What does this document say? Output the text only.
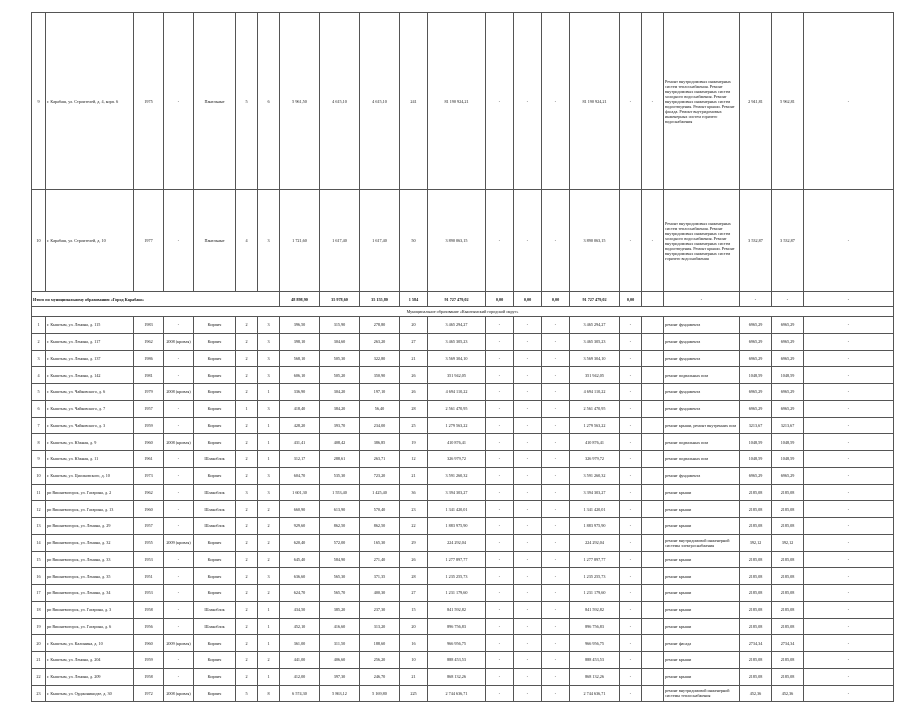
9	г. Карабаш, ул. Строителей, д. 4, корп. 6	1975	-	Панельные	5	6	5 961,50	4 615,10	4 615,10	241	81 190 924,21	-	-	-	81 190 924,21	-	-	Ремонт внутридомовых инженерных систем теплоснабжения. Ремонт внутридомовых инженерных систем холодного водоснабжения. Ремонт внутридомовых инженерных систем водоотведения. Ремонт крыши. Ремонт фасада. Ремонт внутридомовых инженерных систем горячего водоснабжения	2 941,81	5 962,81	-
10	г. Карабаш, ул. Строителей, д. 10	1977	-	Панельные	4	3	1 721,60	1 617,40	1 617,40	50	3 890 063,15	-	-	-	3 890 063,15	-	-	Ремонт внутридомовых инженерных систем теплоснабжения. Ремонт внутридомовых инженерных систем холодного водоснабжения. Ремонт внутридомовых инженерных систем водоотведения. Ремонт крыши. Ремонт внутридомовых инженерных систем горячего водоснабжения	3 532,87	3 532,87	-
Итого по муниципальному образованию «Город Карабаш»							48 898,90	35 978,60	35 155,80	1 584	91 727 479,02	0,00	0,00	0,00	91 727 479,02	0,00		-	-	-	-
Муниципальное образование «Кыштымский городской округ»																					
1	г. Кыштым, ул. Ленина, д. 115	1983	-	Кирпич	2	3	396,50	315,90	278,80	20	3 465 294,27	-	-	-	3 465 294,27	-		ремонт фундамента	6965,29	6965,29	-
2	г. Кыштым, ул. Ленина, д. 117	1962	2008 (кровля)	Кирпич	2	3	398,10	304,60	263,20	27	3 465 305,23	-	-	-	3 465 305,23	-		ремонт фундамента	6965,29	6965,29	-
3	г. Кыштым, ул. Ленина, д. 137	1986	-	Кирпич	2	3	568,10	505,30	322,80	21	3 569 304,10	-	-	-	3 569 304,10	-		ремонт фундамента	6965,29	6965,29	-
4	г. Кыштым, ул. Ленина, д. 142	1981	-	Кирпич	2	3	606,10	505,20	350,90	26	351 942,05	-	-	-	351 942,05	-		ремонт подвальных пом	1048,59	1048,59	-
5	г. Кыштым, ул. Чайковского, д. 6	1979	2008 (кровля)	Кирпич	2	1	336,90	304,20	197,10	26	4 694 110,22	-	-	-	4 694 110,22	-		ремонт фундамента	6965,29	6965,29	-
6	г. Кыштым, ул. Чайковского, д. 7	1957	-	Кирпич	1	3	418,40	384,20	56,40	28	2 561 470,95	-	-	-	2 561 470,95	-		ремонт фундамента	6965,29	6965,29	-
7	г. Кыштым, ул. Чайковского, д. 3	1959	-	Кирпич	2	1	428,20	393,70	234,00	25	1 279 563,22	-	-	-	1 279 563,22	-		ремонт крыши, ремонт внутренних пом	3213,67	3213,67	-
8	г. Кыштым, ул. Южная, д. 9	1960	2008 (кровля)	Кирпич	2	1	431,41	408,42	386,85	19	410 876,41	-	-	-	410 876,41	-		ремонт подвальных пом	1048,59	1048,59	-
9	г. Кыштым, ул. Южная, д. 11	1961	-	Шлакоблок	2	1	312,17	288,61	263,71	12	326 979,72	-	-	-	326 979,72	-		ремонт подвальных пом	1048,59	1048,59	-
10	г. Кыштым, ул. Циолковского, д. 10	1973	-	Кирпич	2	3	604,70	535,30	723,20	21	3 591 260,32	-	-	-	3 591 260,32	-		ремонт фундамента	6965,29	6965,29	-
11	рп Вишневогорск, ул. Гагарина, д. 2	1962	-	Шлакоблок	3	3	1 601,30	1 553,40	1 425,40	36	3 394 303,27	-	-	-	3 394 303,27	-		ремонт крыши	2185,08	2185,08	-
12	рп Вишневогорск, ул. Гагарина, д. 13	1960	-	Шлакоблок	2	2	660,90	613,90	570,40	23	1 341 420,01	-	-	-	1 341 420,01	-		ремонт крыши	2185,08	2185,08	-
13	рп Вишневогорск, ул. Ленина, д. 29	1957	-	Шлакоблок	2	2	929,60	862,50	862,50	22	1 883 975,90	-	-	-	1 883 975,90	-		ремонт крыши	2185,08	2185,08	-
14	рп Вишневогорск, ул. Ленина, д. 32	1955	2009 (кровля)	Кирпич	2	2	620,40	572,00	165,30	29	224 292,04	-	-	-	224 292,04	-		ремонт внутридомовой инженерной системы электроснабжения	392,12	392,12	-
15	рп Вишневогорск, ул. Ленина, д. 33	1953	-	Кирпич	2	2	645,40	584,90	271,40	26	1 277 897,77	-	-	-	1 277 897,77	-		ремонт крыши	2185,08	2185,08	-
16	рп Вишневогорск, ул. Ленина, д. 35	1951	-	Кирпич	2	3	636,60	565,30	371,35	28	1 235 255,73	-	-	-	1 235 255,73	-		ремонт крыши	2185,08	2185,08	-
17	рп Вишневогорск, ул. Ленина, д. 34	1953	-	Кирпич	2	2	624,70	565,70	400,30	27	1 231 179,60	-	-	-	1 231 179,60	-		ремонт крыши	2185,08	2185,08	-
18	рп Вишневогорск, ул. Гагарина, д. 3	1958	-	Шлакоблок	2	1	434,50	385,20	237,30	15	841 592,82	-	-	-	841 592,82	-		ремонт крыши	2185,08	2185,08	-
19	рп Вишневогорск, ул. Гагарина, д. 6	1956	-	Шлакоблок	2	1	452,10	416,60	313,20	20	896 756,83	-	-	-	896 756,83	-		ремонт крыши	2185,08	2185,08	-
20	г. Кыштым, ул. Калинина, д. 10	1960	2009 (кровля)	Кирпич	2	1	361,00	311,50	188,60	16	966 956,75	-	-	-	966 956,75	-		ремонт фасада	2734,34	2734,34	-
21	г. Кыштым, ул. Ленина, д. 204	1959	-	Кирпич	2	2	441,00	406,60	256,20	10	888 453,53	-	-	-	888 453,53	-		ремонт крыши	2185,08	2185,08	-
22	г. Кыштым, ул. Ленина, д. 209	1958	-	Кирпич	2	1	412,00	397,30	246,70	21	868 132,26	-	-	-	868 132,26	-		ремонт крыши	2185,08	2185,08	-
23	г. Кыштым, ул. Орджоникидзе, д. 30	1972	2008 (кровля)	Кирпич	5	8	6 574,30	5 863,12	5 169,80	225	2 744 636,71	-	-	-	2 744 636,71	-		ремонт внутридомовой инженерной системы теплоснабжения	452,36	452,36	-
